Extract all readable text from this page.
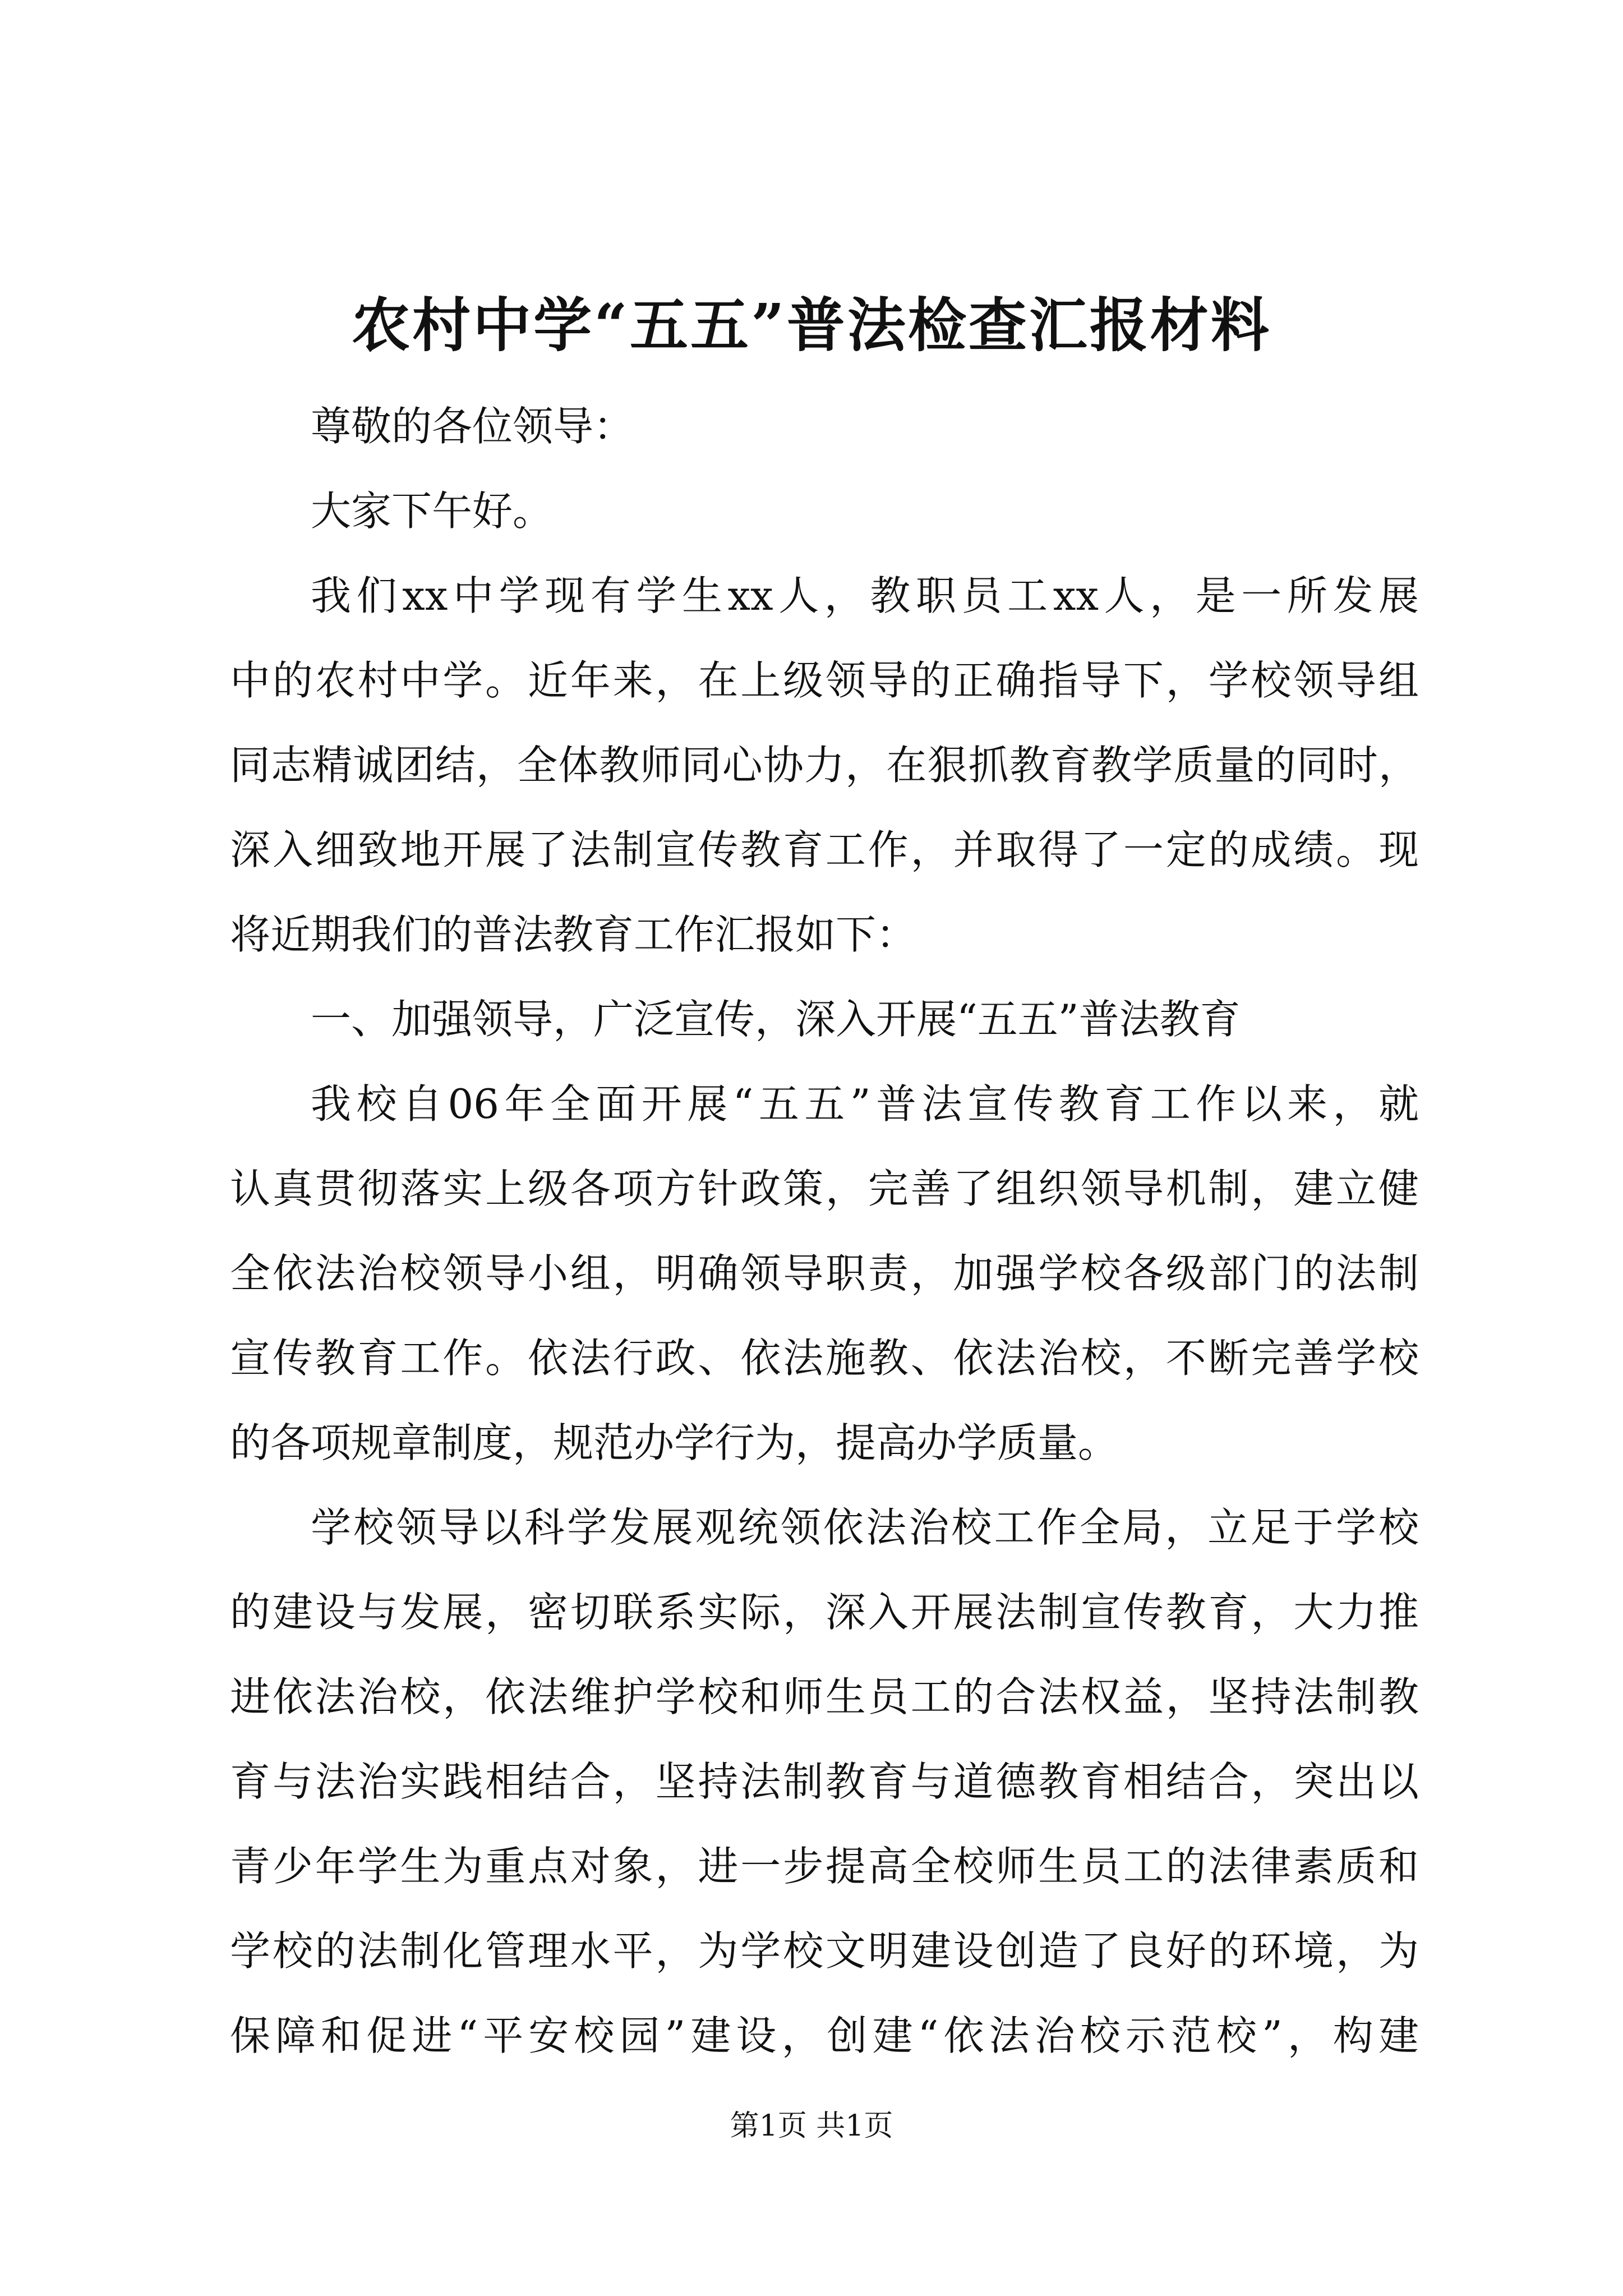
农村中学“五五”普法检查汇报材料
尊敬的各位领导：
大家下午好。
我们xx中学现有学生xx人，教职员工xx人，是一所发展
中的农村中学。近年来，在上级领导的正确指导下，学校领导组
同志精诚团结，全体教师同心协力，在狠抓教育教学质量的同时，
深入细致地开展了法制宣传教育工作，并取得了一定的成绩。现
将近期我们的普法教育工作汇报如下：
一、加强领导，广泛宣传，深入开展“五五”普法教育
我校自06年全面开展“五五”普法宣传教育工作以来，就
认真贯彻落实上级各项方针政策，完善了组织领导机制，建立健
全依法治校领导小组，明确领导职责，加强学校各级部门的法制
宣传教育工作。依法行政、依法施教、依法治校，不断完善学校
的各项规章制度，规范办学行为，提高办学质量。
学校领导以科学发展观统领依法治校工作全局，立足于学校
的建设与发展，密切联系实际，深入开展法制宣传教育，大力推
进依法治校，依法维护学校和师生员工的合法权益，坚持法制教
育与法治实践相结合，坚持法制教育与道德教育相结合，突出以
青少年学生为重点对象，进一步提高全校师生员工的法律素质和
学校的法制化管理水平，为学校文明建设创造了良好的环境，为
保障和促进“平安校园”建设，创建“依法治校示范校”，构建
第1页 共1页
